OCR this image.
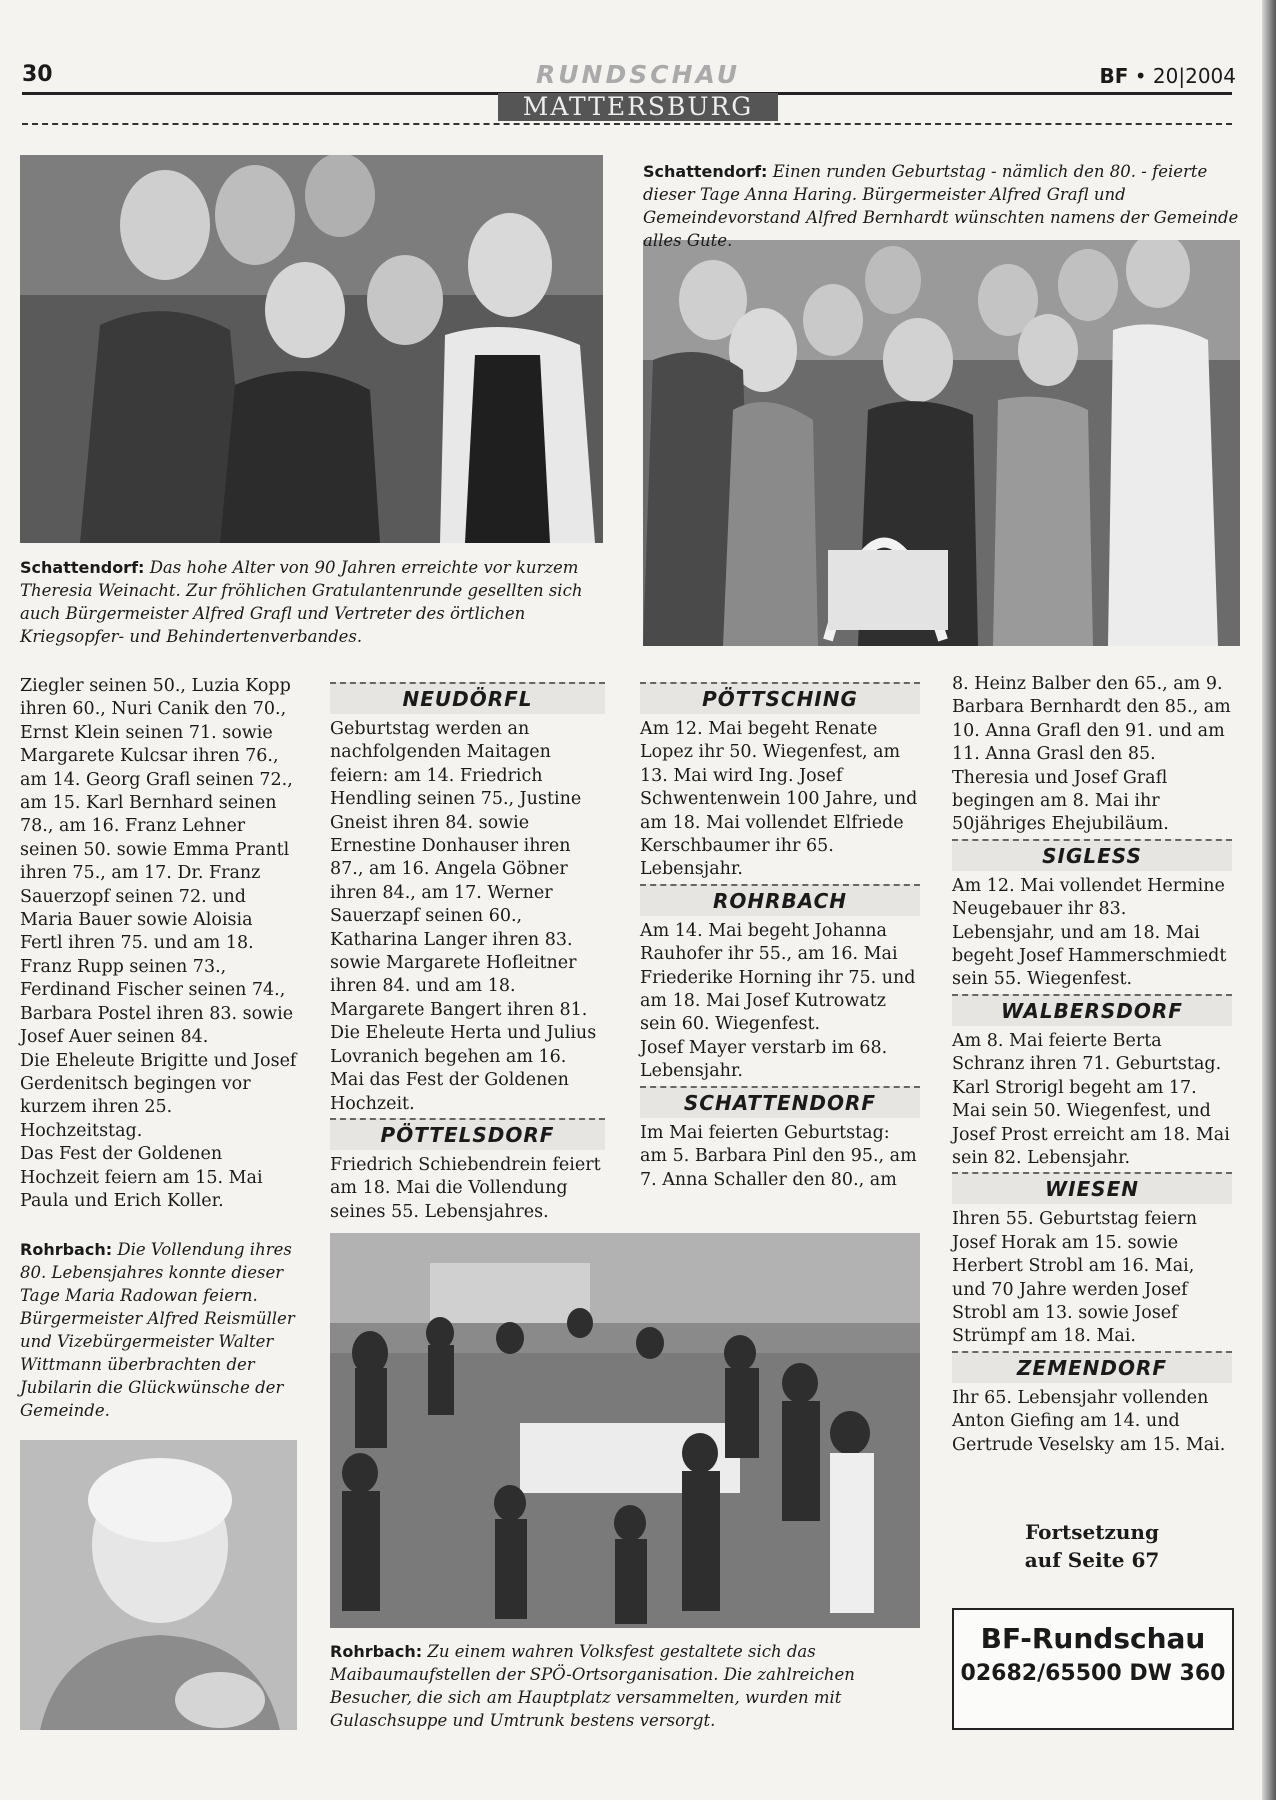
30	RUNDSCHAU	BF • 20|2004
MATTERSBURG
Schattendorf: Einen runden Geburtstag - nämlich den 80. - feierte dieser Tage Anna Haring. Bürgermeister Alfred Grafl und Gemeindevorstand Alfred Bernhardt wünschten namens der Gemeinde alles Gute.
Schattendorf: Das hohe Alter von 90 Jahren erreichte vor kurzem Theresia Weinacht. Zur fröhlichen Gratulantenrunde gesellten sich auch Bürgermeister Alfred Grafl und Vertreter des örtlichen Kriegsopfer- und Behindertenverbandes.

Ziegler seinen 50., Luzia Kopp ihren 60., Nuri Canik den 70., Ernst Klein seinen 71. sowie Margarete Kulcsar ihren 76., am 14. Georg Grafl seinen 72., am 15. Karl Bernhard seinen 78., am 16. Franz Lehner seinen 50. sowie Emma Prantl ihren 75., am 17. Dr. Franz Sauerzopf seinen 72. und Maria Bauer sowie Aloisia Fertl ihren 75. und am 18. Franz Rupp seinen 73., Ferdinand Fischer seinen 74., Barbara Postel ihren 83. sowie Josef Auer seinen 84.

Die Eheleute Brigitte und Josef Gerdenitsch begingen vor kurzem ihren 25. Hochzeitstag.

Das Fest der Goldenen Hochzeit feiern am 15. Mai Paula und Erich Koller.

NEUDÖRFL

Geburtstag werden an nachfolgenden Maitagen feiern: am 14. Friedrich Hendling seinen 75., Justine Gneist ihren 84. sowie Ernestine Donhauser ihren 87., am 16. Angela Göbner ihren 84., am 17. Werner Sauerzapf seinen 60., Katharina Langer ihren 83. sowie Margarete Hofleitner ihren 84. und am 18. Margarete Bangert ihren 81.

Die Eheleute Herta und Julius Lovranich begehen am 16. Mai das Fest der Goldenen Hochzeit.

PÖTTELSDORF

Friedrich Schiebendrein feiert am 18. Mai die Vollendung seines 55. Lebensjahres.

PÖTTSCHING

Am 12. Mai begeht Renate Lopez ihr 50. Wiegenfest, am 13. Mai wird Ing. Josef Schwentenwein 100 Jahre, und am 18. Mai vollendet Elfriede Kerschbaumer ihr 65. Lebensjahr.

ROHRBACH

Am 14. Mai begeht Johanna Rauhofer ihr 55., am 16. Mai Friederike Horning ihr 75. und am 18. Mai Josef Kutrowatz sein 60. Wiegenfest.

Josef Mayer verstarb im 68. Lebensjahr.

SCHATTENDORF

Im Mai feierten Geburtstag: am 5. Barbara Pinl den 95., am 7. Anna Schaller den 80., am

8. Heinz Balber den 65., am 9. Barbara Bernhardt den 85., am 10. Anna Grafl den 91. und am 11. Anna Grasl den 85.

Theresia und Josef Grafl begingen am 8. Mai ihr 50jähriges Ehejubiläum.

SIGLESS

Am 12. Mai vollendet Hermine Neugebauer ihr 83. Lebensjahr, und am 18. Mai begeht Josef Hammerschmiedt sein 55. Wiegenfest.

WALBERSDORF

Am 8. Mai feierte Berta Schranz ihren 71. Geburtstag. Karl Strorigl begeht am 17. Mai sein 50. Wiegenfest, und Josef Prost erreicht am 18. Mai sein 82. Lebensjahr.

WIESEN

Ihren 55. Geburtstag feiern Josef Horak am 15. sowie Herbert Strobl am 16. Mai, und 70 Jahre werden Josef Strobl am 13. sowie Josef Strümpf am 18. Mai.

ZEMENDORF

Ihr 65. Lebensjahr vollenden Anton Giefing am 14. und Gertrude Veselsky am 15. Mai.

Fortsetzung
auf Seite 67
Rohrbach: Die Vollendung ihres 80. Lebensjahres konnte dieser Tage Maria Radowan feiern. Bürgermeister Alfred Reismüller und Vizebürgermeister Walter Wittmann überbrachten der Jubilarin die Glückwünsche der Gemeinde.
Rohrbach: Zu einem wahren Volksfest gestaltete sich das Maibaumaufstellen der SPÖ-Ortsorganisation. Die zahlreichen Besucher, die sich am Hauptplatz versammelten, wurden mit Gulaschsuppe und Umtrunk bestens versorgt.
BF-Rundschau
02682/65500 DW 360
